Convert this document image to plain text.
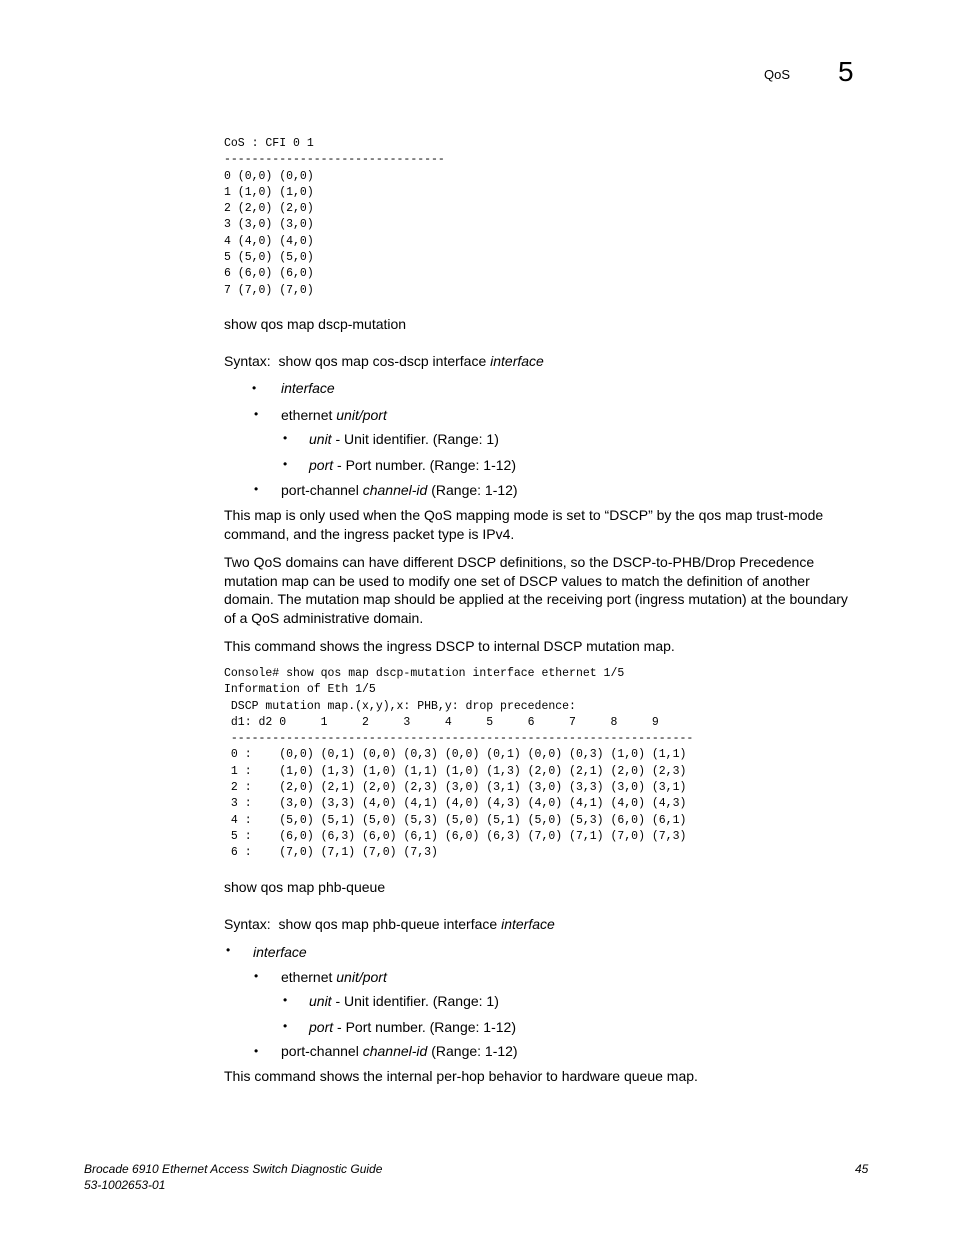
QoS 5
CoS : CFI 0 1
--------------------------------
0 (0,0) (0,0)
1 (1,0) (1,0)
2 (2,0) (2,0)
3 (3,0) (3,0)
4 (4,0) (4,0)
5 (5,0) (5,0)
6 (6,0) (6,0)
7 (7,0) (7,0)
show qos map dscp-mutation
Syntax: show qos map cos-dscp interface interface
• interface
• ethernet unit/port
• unit - Unit identifier. (Range: 1)
• port - Port number. (Range: 1-12)
• port-channel channel-id (Range: 1-12)

This map is only used when the QoS mapping mode is set to “DSCP” by the qos map trust-mode command, and the ingress packet type is IPv4.

Two QoS domains can have different DSCP definitions, so the DSCP-to-PHB/Drop Precedence mutation map can be used to modify one set of DSCP values to match the definition of another domain. The mutation map should be applied at the receiving port (ingress mutation) at the boundary of a QoS administrative domain.

This command shows the ingress DSCP to internal DSCP mutation map.

Console# show qos map dscp-mutation interface ethernet 1/5
Information of Eth 1/5
DSCP mutation map.(x,y),x: PHB,y: drop precedence:
d1: d2 0     1     2     3     4     5     6     7     8     9
-------------------------------------------------------------------
0 :    (0,0) (0,1) (0,0) (0,3) (0,0) (0,1) (0,0) (0,3) (1,0) (1,1)
1 :    (1,0) (1,3) (1,0) (1,1) (1,0) (1,3) (2,0) (2,1) (2,0) (2,3)
2 :    (2,0) (2,1) (2,0) (2,3) (3,0) (3,1) (3,0) (3,3) (3,0) (3,1)
3 :    (3,0) (3,3) (4,0) (4,1) (4,0) (4,3) (4,0) (4,1) (4,0) (4,3)
4 :    (5,0) (5,1) (5,0) (5,3) (5,0) (5,1) (5,0) (5,3) (6,0) (6,1)
5 :    (6,0) (6,3) (6,0) (6,1) (6,0) (6,3) (7,0) (7,1) (7,0) (7,3)
6 :    (7,0) (7,1) (7,0) (7,3)
show qos map phb-queue
Syntax: show qos map phb-queue interface interface
• interface
• ethernet unit/port
• unit - Unit identifier. (Range: 1)
• port - Port number. (Range: 1-12)
• port-channel channel-id (Range: 1-12)

This command shows the internal per-hop behavior to hardware queue map.

Brocade 6910 Ethernet Access Switch Diagnostic Guide
53-1002653-01
45
